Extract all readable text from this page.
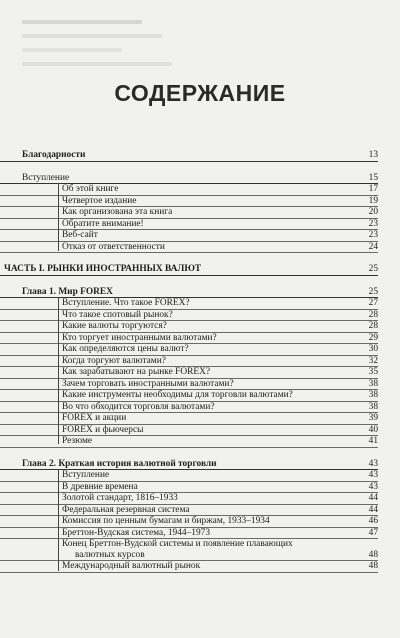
СОДЕРЖАНИЕ
Благодарности	13
Вступление	15
Об этой книге	17
Четвертое издание	19
Как организована эта книга	20
Обратите внимание!	23
Веб-сайт	23
Отказ от ответственности	24
ЧАСТЬ I. РЫНКИ ИНОСТРАННЫХ ВАЛЮТ	25
Глава 1. Мир FOREX	25
Вступление. Что такое FOREX?	27
Что такое спотовый рынок?	28
Какие валюты торгуются?	28
Кто торгует иностранными валютами?	29
Как определяются цены валют?	30
Когда торгуют валютами?	32
Как зарабатывают на рынке FOREX?	35
Зачем торговать иностранными валютами?	38
Какие инструменты необходимы для торговли валютами?	38
Во что обходится торговля валютами?	38
FOREX и акции	39
FOREX и фьючерсы	40
Резюме	41
Глава 2. Краткая история валютной торговли	43
Вступление	43
В древние времена	43
Золотой стандарт, 1816–1933	44
Федеральная резервная система	44
Комиссия по ценным бумагам и биржам, 1933–1934	46
Бреттон-Вудская система, 1944–1973	47
Конец Бреттон-Вудской системы и появление плавающих
валютных курсов	48
Международный валютный рынок	48
